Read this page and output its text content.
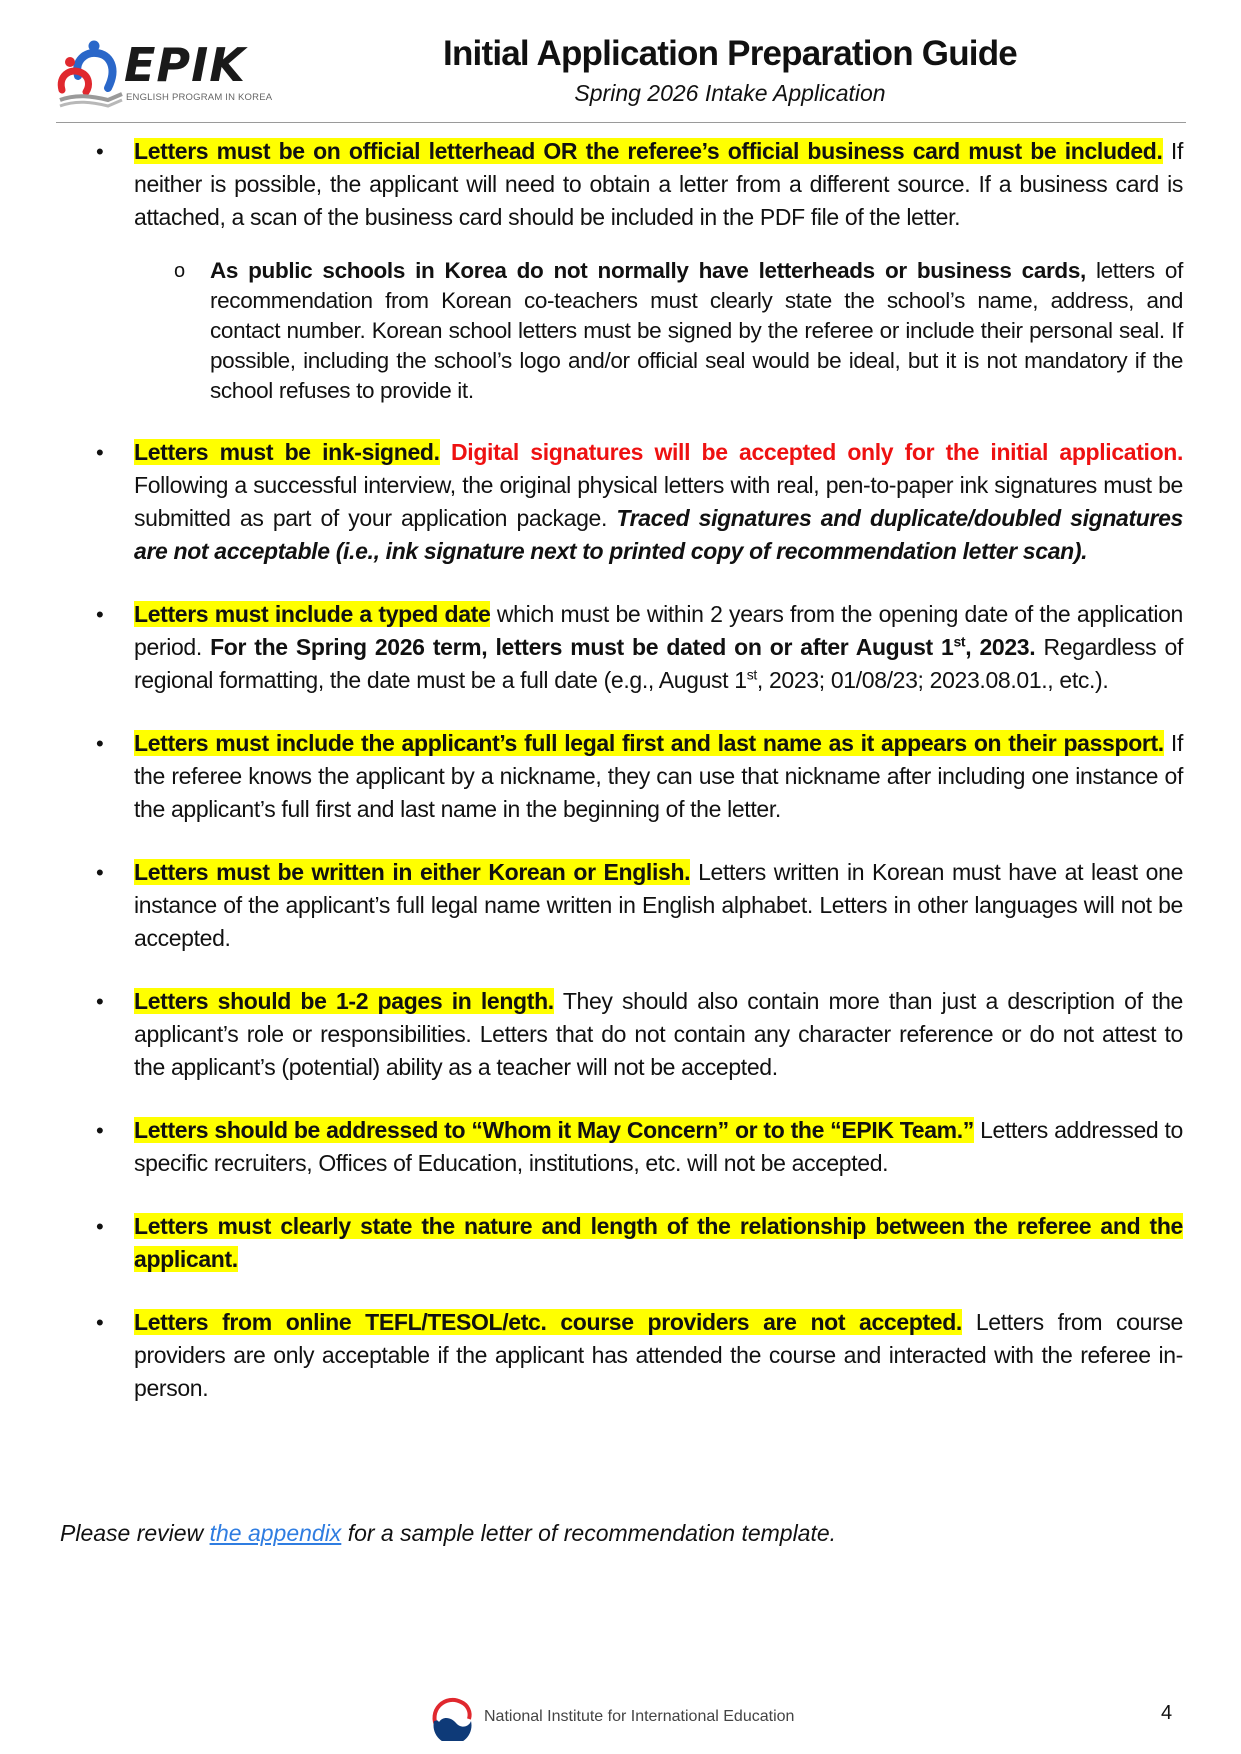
EPIK
ENGLISH PROGRAM IN KOREA
Initial Application Preparation Guide
Spring 2026 Intake Application
• Letters must be on official letterhead OR the referee’s official business card must be included. If neither is possible, the applicant will need to obtain a letter from a different source. If a business card is attached, a scan of the business card should be included in the PDF file of the letter.
o As public schools in Korea do not normally have letterheads or business cards, letters of recommendation from Korean co-teachers must clearly state the school’s name, address, and contact number. Korean school letters must be signed by the referee or include their personal seal. If possible, including the school’s logo and/or official seal would be ideal, but it is not mandatory if the school refuses to provide it.
• Letters must be ink-signed. Digital signatures will be accepted only for the initial application. Following a successful interview, the original physical letters with real, pen-to-paper ink signatures must be submitted as part of your application package. Traced signatures and duplicate/doubled signatures are not acceptable (i.e., ink signature next to printed copy of recommendation letter scan).
• Letters must include a typed date which must be within 2 years from the opening date of the application period. For the Spring 2026 term, letters must be dated on or after August 1st, 2023. Regardless of regional formatting, the date must be a full date (e.g., August 1st, 2023; 01/08/23; 2023.08.01., etc.).
• Letters must include the applicant’s full legal first and last name as it appears on their passport. If the referee knows the applicant by a nickname, they can use that nickname after including one instance of the applicant’s full first and last name in the beginning of the letter.
• Letters must be written in either Korean or English. Letters written in Korean must have at least one instance of the applicant’s full legal name written in English alphabet. Letters in other languages will not be accepted.
• Letters should be 1-2 pages in length. They should also contain more than just a description of the applicant’s role or responsibilities. Letters that do not contain any character reference or do not attest to the applicant’s (potential) ability as a teacher will not be accepted.
• Letters should be addressed to “Whom it May Concern” or to the “EPIK Team.” Letters addressed to specific recruiters, Offices of Education, institutions, etc. will not be accepted.
• Letters must clearly state the nature and length of the relationship between the referee and the applicant.
• Letters from online TEFL/TESOL/etc. course providers are not accepted. Letters from course providers are only acceptable if the applicant has attended the course and interacted with the referee in-person.
Please review the appendix for a sample letter of recommendation template.
National Institute for International Education	4
